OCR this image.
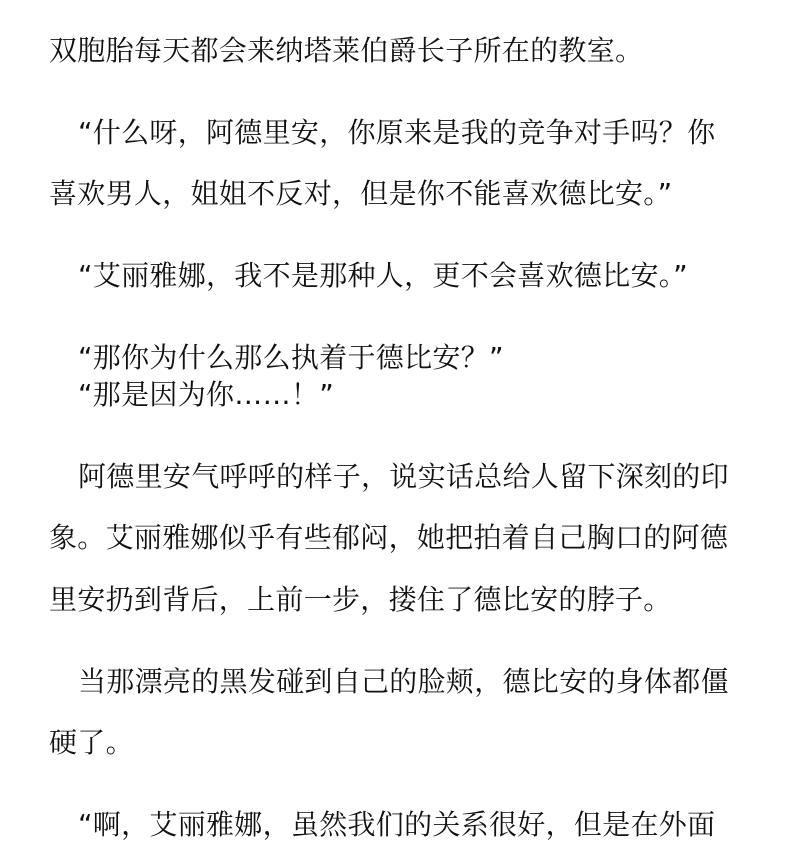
双胞胎每天都会来纳塔莱伯爵长子所在的教室。
“什么呀，阿德里安，你原来是我的竞争对手吗？你
喜欢男人，姐姐不反对，但是你不能喜欢德比安。”
“艾丽雅娜，我不是那种人，更不会喜欢德比安。”
“那你为什么那么执着于德比安？”
“那是因为你……！”
阿德里安气呼呼的样子，说实话总给人留下深刻的印
象。艾丽雅娜似乎有些郁闷，她把拍着自己胸口的阿德
里安扔到背后，上前一步，搂住了德比安的脖子。
当那漂亮的黑发碰到自己的脸颊，德比安的身体都僵
硬了。
“啊，艾丽雅娜，虽然我们的关系很好，但是在外面
